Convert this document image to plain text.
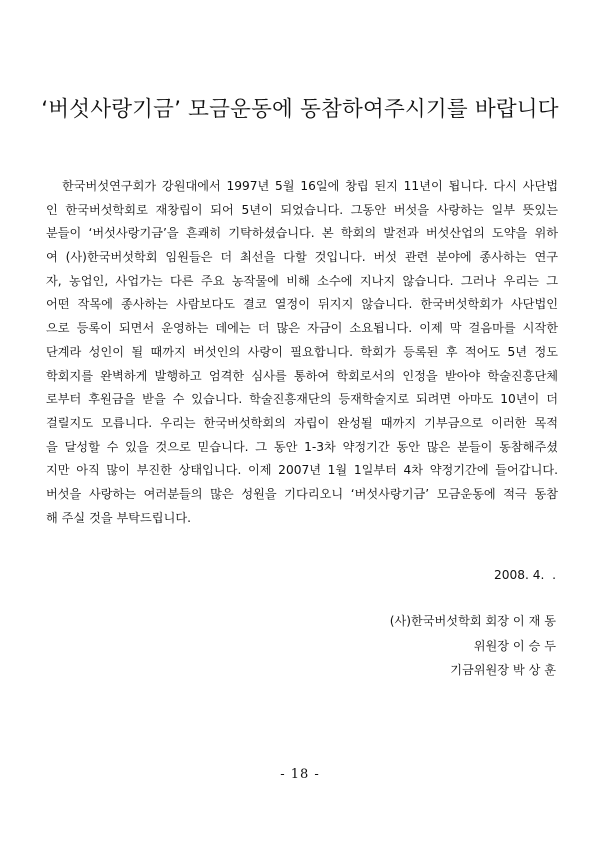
‘버섯사랑기금’ 모금운동에 동참하여주시기를 바랍니다
한국버섯연구회가 강원대에서 1997년 5월 16일에 창립 된지 11년이 됩니다. 다시 사단법
인 한국버섯학회로 재창립이 되어 5년이 되었습니다. 그동안 버섯을 사랑하는 일부 뜻있는
분들이 ‘버섯사랑기금’을 흔쾌히 기탁하셨습니다. 본 학회의 발전과 버섯산업의 도약을 위하
여 (사)한국버섯학회 임원들은 더 최선을 다할 것입니다. 버섯 관련 분야에 종사하는 연구
자, 농업인, 사업가는 다른 주요 농작물에 비해 소수에 지나지 않습니다. 그러나 우리는 그
어떤 작목에 종사하는 사람보다도 결코 열정이 뒤지지 않습니다. 한국버섯학회가 사단법인
으로 등록이 되면서 운영하는 데에는 더 많은 자금이 소요됩니다. 이제 막 걸음마를 시작한
단계라 성인이 될 때까지 버섯인의 사랑이 필요합니다. 학회가 등록된 후 적어도 5년 정도
학회지를 완벽하게 발행하고 엄격한 심사를 통하여 학회로서의 인정을 받아야 학술진흥단체
로부터 후원금을 받을 수 있습니다. 학술진흥재단의 등재학술지로 되려면 아마도 10년이 더
걸릴지도 모릅니다. 우리는 한국버섯학회의 자립이 완성될 때까지 기부금으로 이러한 목적
을 달성할 수 있을 것으로 믿습니다. 그 동안 1-3차 약정기간 동안 많은 분들이 동참해주셨
지만 아직 많이 부진한 상태입니다. 이제 2007년 1월 1일부터 4차 약정기간에 들어갑니다.
버섯을 사랑하는 여러분들의 많은 성원을 기다리오니 ‘버섯사랑기금’ 모금운동에 적극 동참
해 주실 것을 부탁드립니다.
2008. 4.  .
(사)한국버섯학회 회장 이 재 동
위원장 이 승 두
기금위원장 박 상 훈
- 18 -
